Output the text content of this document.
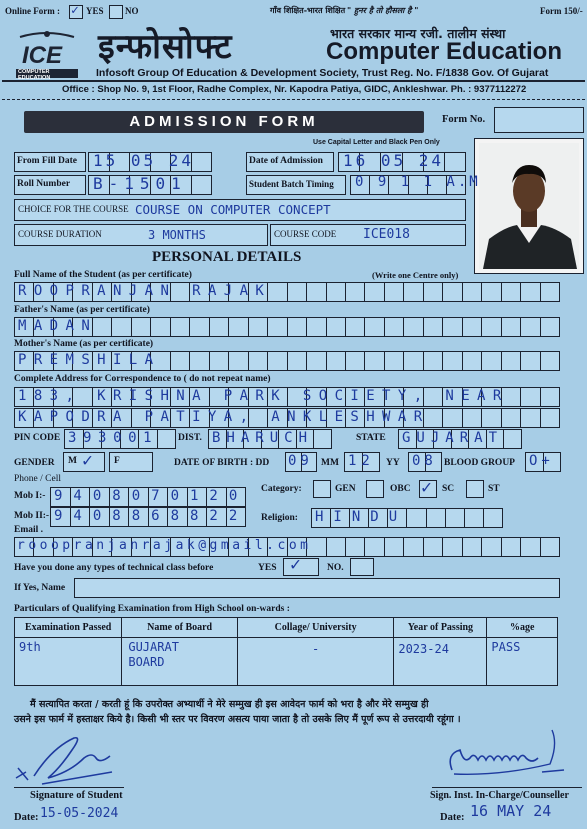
Online Form : ✓ YES NO	गाँव शिक्षित-भारत शिक्षित " हुनर है तो हौसला है "	Form 150/-
ICE
COMPUTER EDUCATION
इन्फोसोफ्ट	भारत सरकार मान्य रजी. तालीम संस्था
Computer Education
Infosoft Group Of Education & Development Society, Trust Reg. No. F/1838 Gov. Of Gujarat
Office : Shop No. 9, 1st Floor, Radhe Complex, Nr. Kapodra Patiya, GIDC, Ankleshwar. Ph. : 9377112272
ADMISSION FORM	Form No.
Use Capital Letter and Black Pen Only
From Fill Date	15 05 24	Date of Admission	16 05 24
Roll Number	B-1501	Student Batch Timing	0 9 1 1 A.M
CHOICE FOR THE COURSE COURSE ON COMPUTER CONCEPT
COURSE DURATION	3 MONTHS	COURSE CODE ICE018
PERSONAL DETAILS
Full Name of the Student (as per certificate)	(Write one Centre only)
ROOPRANJAN RAJAK
Father's Name (as per certificate)
MADAN
Mother's Name (as per certificate)
PREMSHILA
Complete Address for Correspondence to ( do not repeat name)
183, KRISHNA PARK SOCIETY, NEAR
KAPODRA PATIYA, ANKLESHWAR
PIN CODE 393001 DIST. BHARUCH	STATE GUJARAT
GENDER M ✓ F	DATE OF BIRTH : DD 09 MM 12 YY 08 BLOOD GROUP O+
Phone / Cell
Mob I:- 9408070120
Mob II:- 9408868822
Category:	GEN	OBC ✓ SC	ST
Religion: HINDU
Email .
rooopranjanrajak@gmail.com
Have you done any types of technical class before	YES ✓	NO.
If Yes, Name
Particulars of Qualifying Examination from High School on-wards :
Examination Passed	Name of Board	Collage/ University	Year of Passing	%age
9th	GUJARAT BOARD	-	2023-24	PASS
मैं सत्यापित करता / करती हूं कि उपरोक्त अभ्यार्थी ने मेरे सम्मुख ही इस आवेदन फार्म को भरा है और मेरे सम्मुख ही
उसने इस फार्म में हस्ताक्षर किये है। किसी भी स्तर पर विवरण असत्य पाया जाता है तो उसके लिए मैं पूर्ण रूप से उत्तरदायी रहूंगा ।
Signature of Student
Date: 15-05-2024
Sign. Inst. In-Charge/Counseller
Date: 16 MAY 24
